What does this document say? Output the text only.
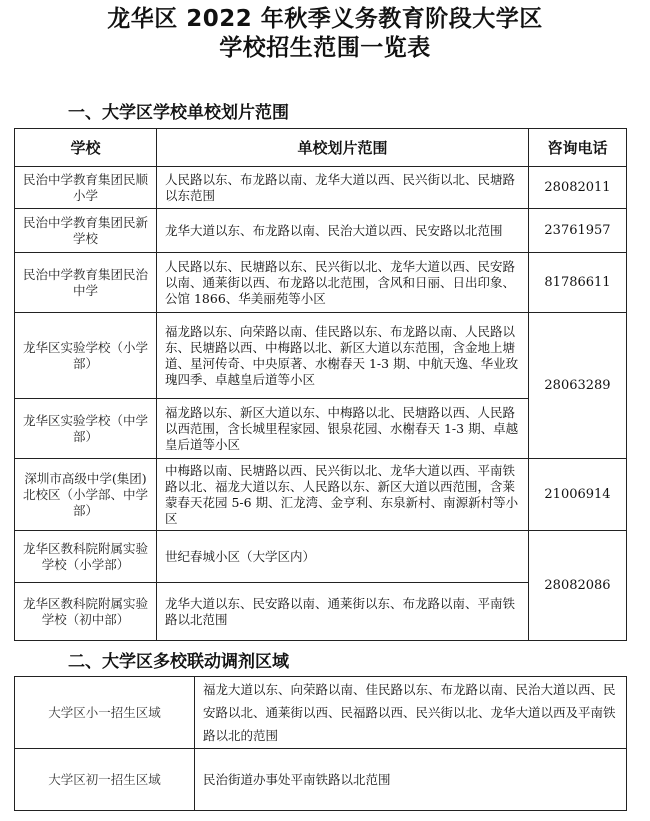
龙华区 2022 年秋季义务教育阶段大学区
学校招生范围一览表
一、大学区学校单校划片范围
学校	单校划片范围	咨询电话
民治中学教育集团民顺小学	人民路以东、布龙路以南、龙华大道以西、民兴街以北、民塘路以东范围	28082011
民治中学教育集团民新学校	龙华大道以东、布龙路以南、民治大道以西、民安路以北范围	23761957
民治中学教育集团民治中学	人民路以东、民塘路以东、民兴街以北、龙华大道以西、民安路以南、通莱街以西、布龙路以北范围，含风和日丽、日出印象、公馆 1866、华美丽苑等小区	81786611
龙华区实验学校（小学部）	福龙路以东、向荣路以南、佳民路以东、布龙路以南、人民路以东、民塘路以西、中梅路以北、新区大道以东范围，含金地上塘道、星河传奇、中央原著、水榭春天 1-3 期、中航天逸、华业玫瑰四季、卓越皇后道等小区	28063289
龙华区实验学校（中学部）	福龙路以东、新区大道以东、中梅路以北、民塘路以西、人民路以西范围，含长城里程家园、银泉花园、水榭春天 1-3 期、卓越皇后道等小区	
深圳市高级中学(集团)北校区（小学部、中学部）	中梅路以南、民塘路以西、民兴街以北、龙华大道以西、平南铁路以北、福龙大道以东、人民路以东、新区大道以西范围，含莱蒙春天花园 5-6 期、汇龙湾、金亨利、东泉新村、南源新村等小区	21006914
龙华区教科院附属实验学校（小学部）	世纪春城小区（大学区内）	28082086
龙华区教科院附属实验学校（初中部）	龙华大道以东、民安路以南、通莱街以东、布龙路以南、平南铁路以北范围	
二、大学区多校联动调剂区域
大学区小一招生区域	福龙大道以东、向荣路以南、佳民路以东、布龙路以南、民治大道以西、民安路以北、通莱街以西、民福路以西、民兴街以北、龙华大道以西及平南铁路以北的范围
大学区初一招生区域	民治街道办事处平南铁路以北范围
